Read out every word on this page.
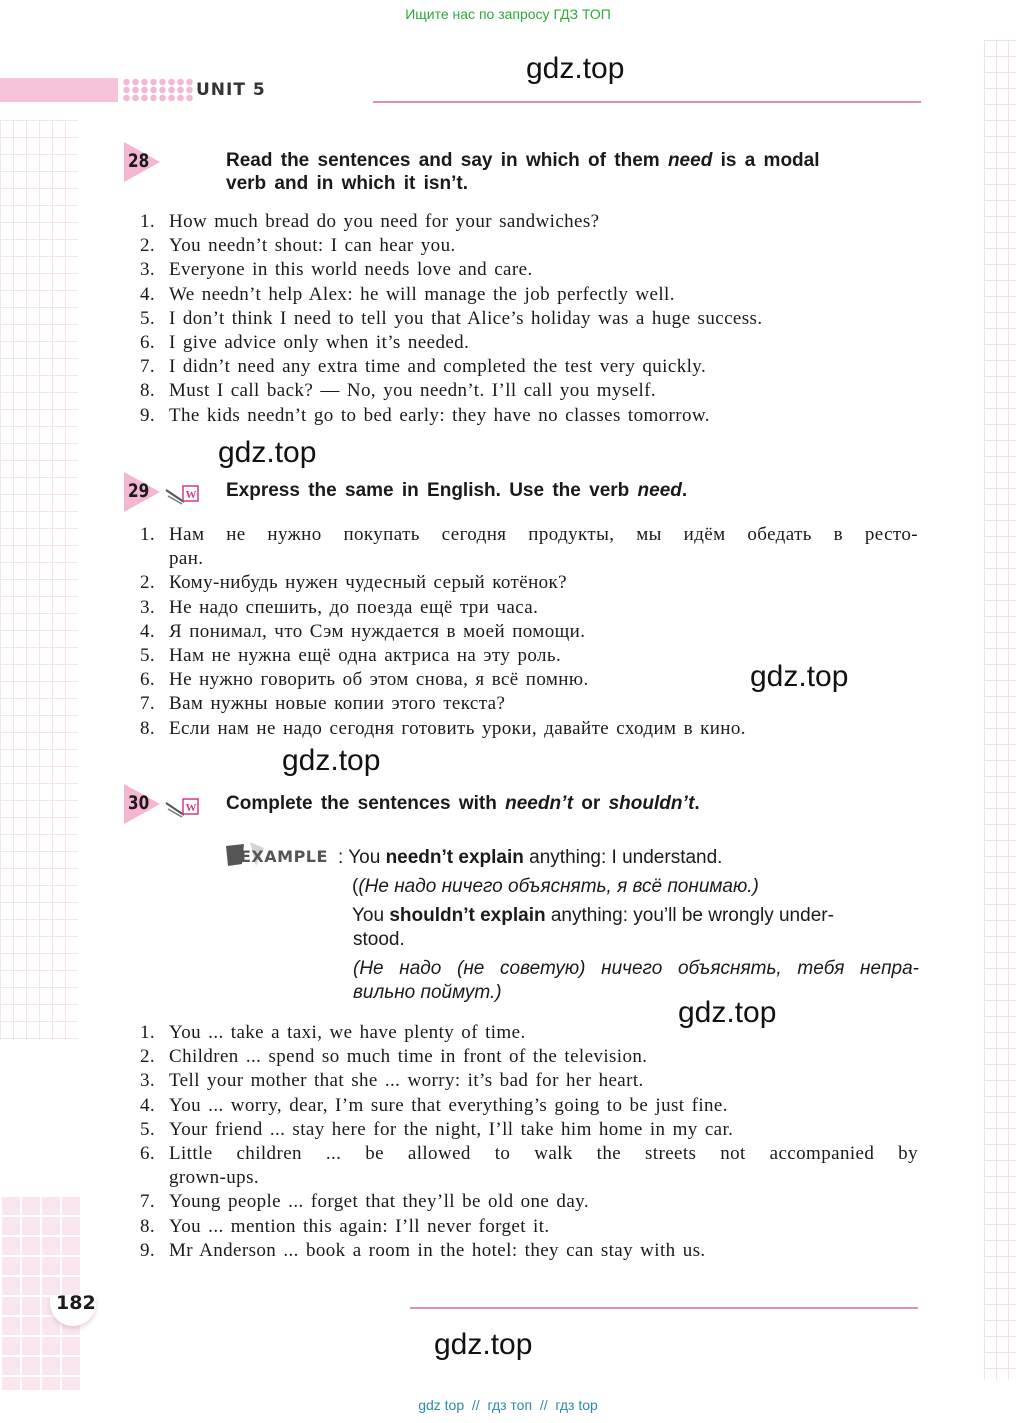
Ищите нас по запросу ГДЗ ТОП
UNIT 5
gdz.top
28	Read the sentences and say in which of them need is a modal
verb and in which it isn’t.
1. How much bread do you need for your sandwiches?
2. You needn’t shout: I can hear you.
3. Everyone in this world needs love and care.
4. We needn’t help Alex: he will manage the job perfectly well.
5. I don’t think I need to tell you that Alice’s holiday was a huge success.
6. I give advice only when it’s needed.
7. I didn’t need any extra time and completed the test very quickly.
8. Must I call back? — No, you needn’t. I’ll call you myself.
9. The kids needn’t go to bed early: they have no classes tomorrow.
gdz.top
29	W Express the same in English. Use the verb need.
1. Нам не нужно покупать сегодня продукты, мы идём обедать в ресто-
ран.
2. Кому-нибудь нужен чудесный серый котёнок?
3. Не надо спешить, до поезда ещё три часа.
4. Я понимал, что Сэм нуждается в моей помощи.
5. Нам не нужна ещё одна актриса на эту роль.
6. Не нужно говорить об этом снова, я всё помню.
7. Вам нужны новые копии этого текста?
8. Если нам не надо сегодня готовить уроки, давайте сходим в кино.
gdz.top
gdz.top
30	W Complete the sentences with needn’t or shouldn’t.
EXAMPLE : You needn’t explain anything: I understand.
((Не надо ничего объяснять, я всё понимаю.)
You shouldn’t explain anything: you’ll be wrongly under-
stood.
(Не надо (не советую) ничего объяснять, тебя непра-
вильно поймут.)
gdz.top
1. You ... take a taxi, we have plenty of time.
2. Children ... spend so much time in front of the television.
3. Tell your mother that she ... worry: it’s bad for her heart.
4. You ... worry, dear, I’m sure that everything’s going to be just fine.
5. Your friend ... stay here for the night, I’ll take him home in my car.
6. Little children ... be allowed to walk the streets not accompanied by
grown-ups.
7. Young people ... forget that they’ll be old one day.
8. You ... mention this again: I’ll never forget it.
9. Mr Anderson ... book a room in the hotel: they can stay with us.
182
gdz.top
gdz top // гдз топ // гдз top
